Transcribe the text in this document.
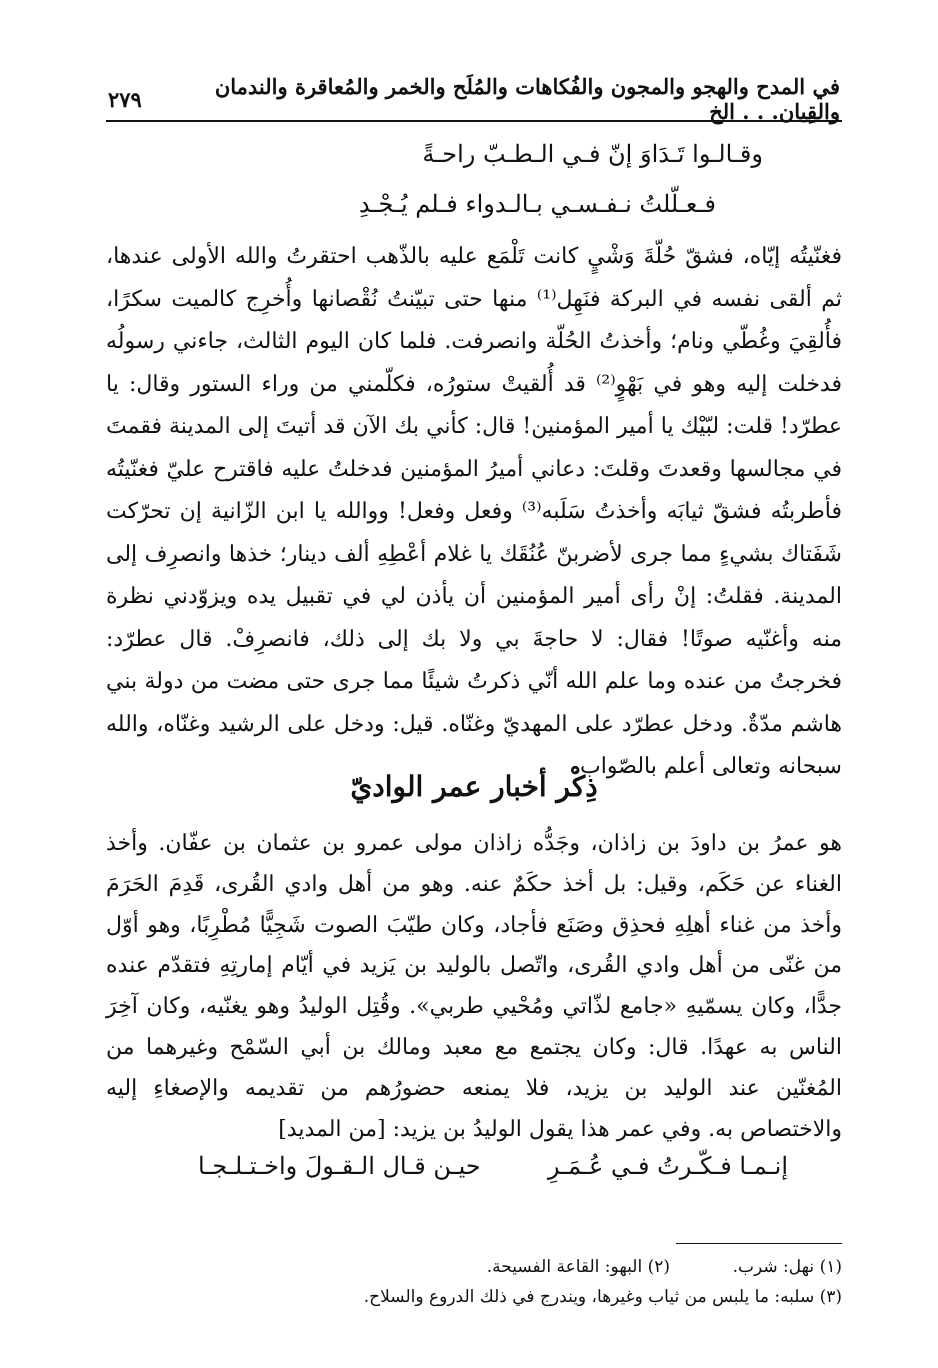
في المدح والهجو والمجون والفُكاهات والمُلَح والخمر والمُعاقرة والندمان والقِيان. . . الخ
٢٧٩
وقـالـوا تَـدَاوَ إنّ فـي الـطـبّ راحـةً
فـعـلّلتُ نـفـسـي بـالـدواء فـلم يُـجْـدِ

فغنّيتُه إيّاه، فشقّ حُلّةَ وَشْيٍ كانت تَلْمَع عليه بالذّهب احتقرتُ والله الأولى عندها، ثم ألقى نفسه في البركة فنَهِل⁽¹⁾ منها حتى تبيّنتُ نُقْصانها وأُخرِج كالميت سكرًا، فأُلقِيَ وغُطّي ونام؛ وأخذتُ الحُلّة وانصرفت. فلما كان اليوم الثالث، جاءني رسولُه فدخلت إليه وهو في بَهْوٍ⁽²⁾ قد أُلقيتْ ستورُه، فكلّمني من وراء الستور وقال: يا عطرّد! قلت: لبّيْك يا أمير المؤمنين! قال: كأني بك الآن قد أتيتَ إلى المدينة فقمتَ في مجالسها وقعدتَ وقلتَ: دعاني أميرُ المؤمنين فدخلتُ عليه فاقترح عليّ فغنّيتُه فأطربتُه فشقّ ثيابَه وأخذتُ سَلَبه⁽³⁾ وفعل وفعل! ووالله يا ابن الزّانية إن تحرّكت شَفَتاك بشيءٍ مما جرى لأضربنّ عُنُقَك يا غلام أعْطِهِ ألف دينار؛ خذها وانصرِف إلى المدينة. فقلتُ: إنْ رأى أمير المؤمنين أن يأذن لي في تقبيل يده ويزوّدني نظرة منه وأغنّيه صوتًا! فقال: لا حاجةَ بي ولا بك إلى ذلك، فانصرِفْ. قال عطرّد: فخرجتُ من عنده وما علم الله أنّي ذكرتُ شيئًا مما جرى حتى مضت من دولة بني هاشم مدّةٌ. ودخل عطرّد على المهديّ وغنّاه. قيل: ودخل على الرشيد وغنّاه، والله سبحانه وتعالى أعلم بالصّواب.

ذِكْر أخبار عمر الواديّ

هو عمرُ بن داودَ بن زاذان، وجَدُّه زاذان مولى عمرو بن عثمان بن عفّان. وأخذ الغناء عن حَكَم، وقيل: بل أخذ حكَمٌ عنه. وهو من أهل وادي القُرى، قَدِمَ الحَرَمَ وأخذ من غناء أهلِهِ فحذِق وصَنَع فأجاد، وكان طيّبَ الصوت شَجِيًّا مُطْرِبًا، وهو أوّل من غنّى من أهل وادي القُرى، واتّصل بالوليد بن يَزيد في أيّام إمارتِهِ فتقدّم عنده جدًّا، وكان يسمّيهِ «جامع لذّاتي ومُحْيي طربي». وقُتِل الوليدُ وهو يغنّيه، وكان آخِرَ الناس به عهدًا. قال: وكان يجتمع مع معبد ومالك بن أبي السّمْح وغيرهما من المُغنّين عند الوليد بن يزيد، فلا يمنعه حضورُهم من تقديمه والإصغاءِ إليه والاختصاص به. وفي عمر هذا يقول الوليدُ بن يزيد: [من المديد]

إنـمـا فـكّـرتُ فـي عُـمَـرِ
حيـن قـال الـقـولَ واخـتـلـجـا
(١) نهل: شرب.
(٢) البهو: القاعة الفسيحة.
(٣) سلبه: ما يلبس من ثياب وغيرها، ويندرج في ذلك الدروع والسلاح.
